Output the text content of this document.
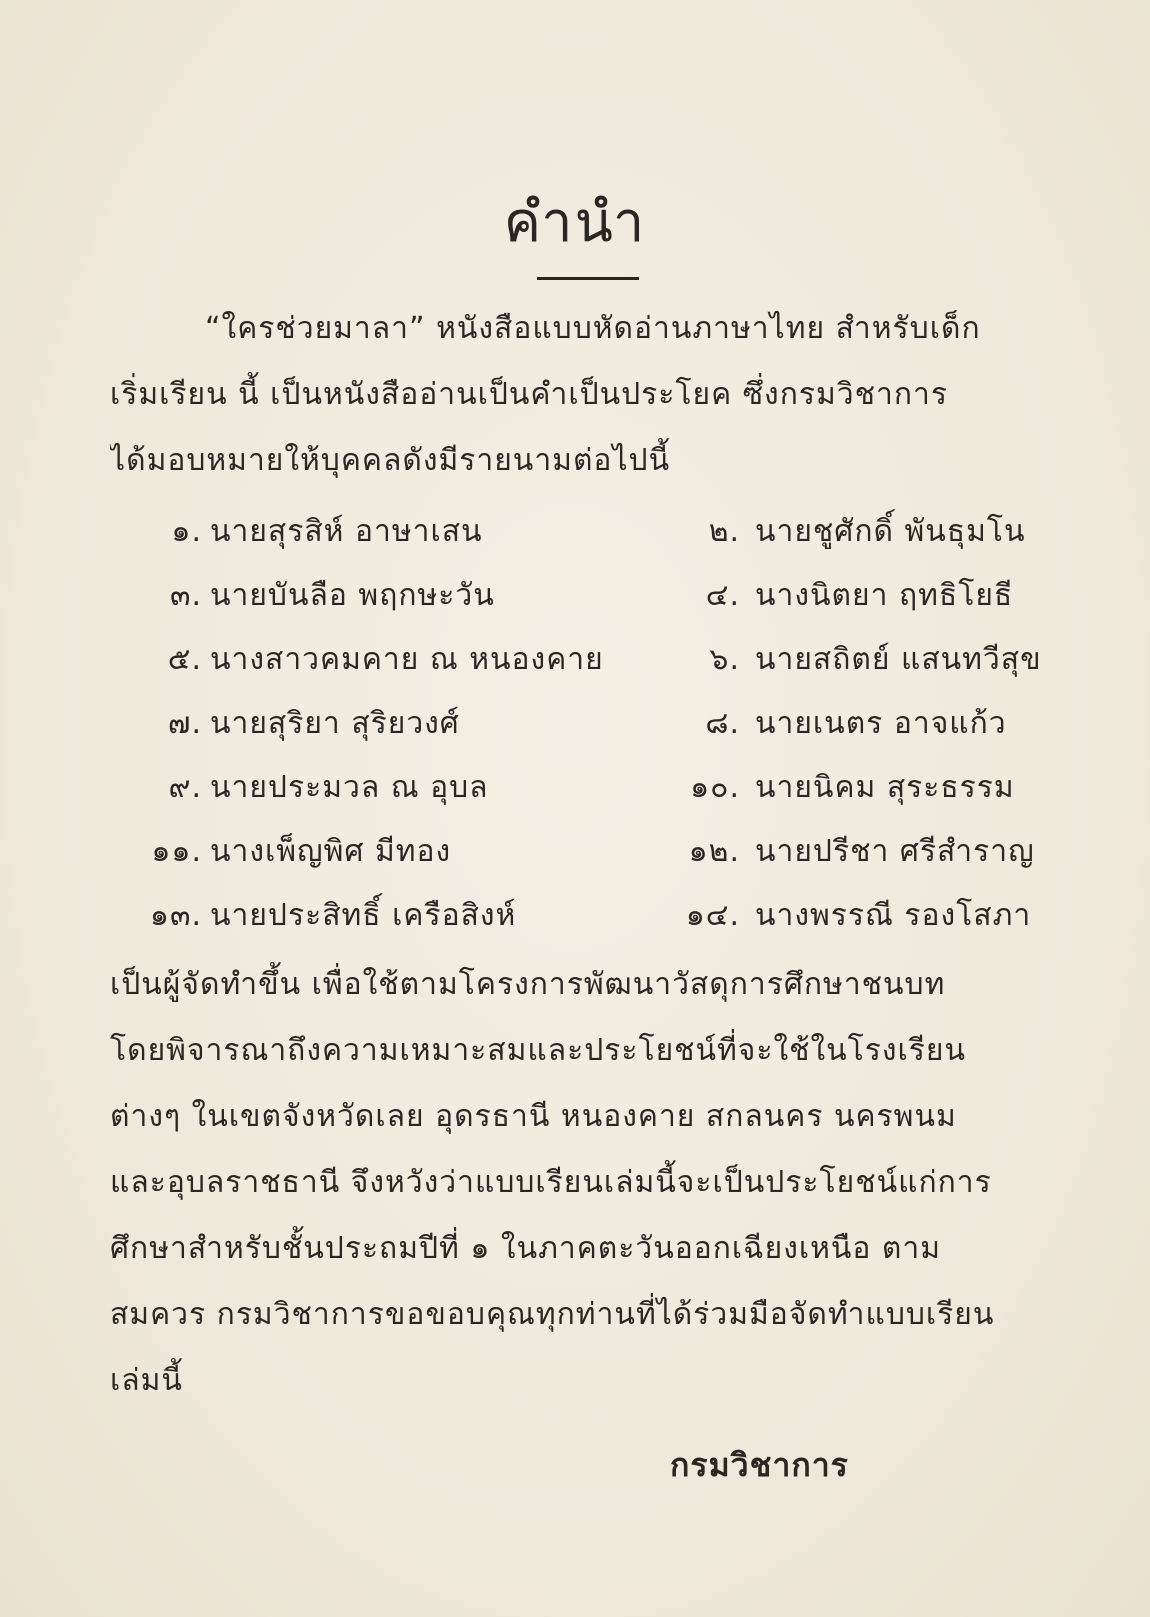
คำนำ
“ใครช่วยมาลา” หนังสือแบบหัดอ่านภาษาไทย สำหรับเด็ก
เริ่มเรียน นี้ เป็นหนังสืออ่านเป็นคำเป็นประโยค ซึ่งกรมวิชาการ
ได้มอบหมายให้บุคคลดังมีรายนามต่อไปนี้
๑. นายสุรสิห์ อาษาเสน	๒. นายชูศักดิ์ พันธุมโน
๓. นายบันลือ พฤกษะวัน	๔. นางนิตยา ฤทธิโยธี
๕. นางสาวคมคาย ณ หนองคาย	๖. นายสถิตย์ แสนทวีสุข
๗. นายสุริยา สุริยวงศ์	๘. นายเนตร อาจแก้ว
๙. นายประมวล ณ อุบล	๑๐. นายนิคม สุระธรรม
๑๑. นางเพ็ญพิศ มีทอง	๑๒. นายปรีชา ศรีสำราญ
๑๓. นายประสิทธิ์ เครือสิงห์	๑๔. นางพรรณี รองโสภา
เป็นผู้จัดทำขึ้น เพื่อใช้ตามโครงการพัฒนาวัสดุการศึกษาชนบท
โดยพิจารณาถึงความเหมาะสมและประโยชน์ที่จะใช้ในโรงเรียน
ต่างๆ ในเขตจังหวัดเลย อุดรธานี หนองคาย สกลนคร นครพนม
และอุบลราชธานี จึงหวังว่าแบบเรียนเล่มนี้จะเป็นประโยชน์แก่การ
ศึกษาสำหรับชั้นประถมปีที่ ๑ ในภาคตะวันออกเฉียงเหนือ ตาม
สมควร กรมวิชาการขอขอบคุณทุกท่านที่ได้ร่วมมือจัดทำแบบเรียน
เล่มนี้
กรมวิชาการ
